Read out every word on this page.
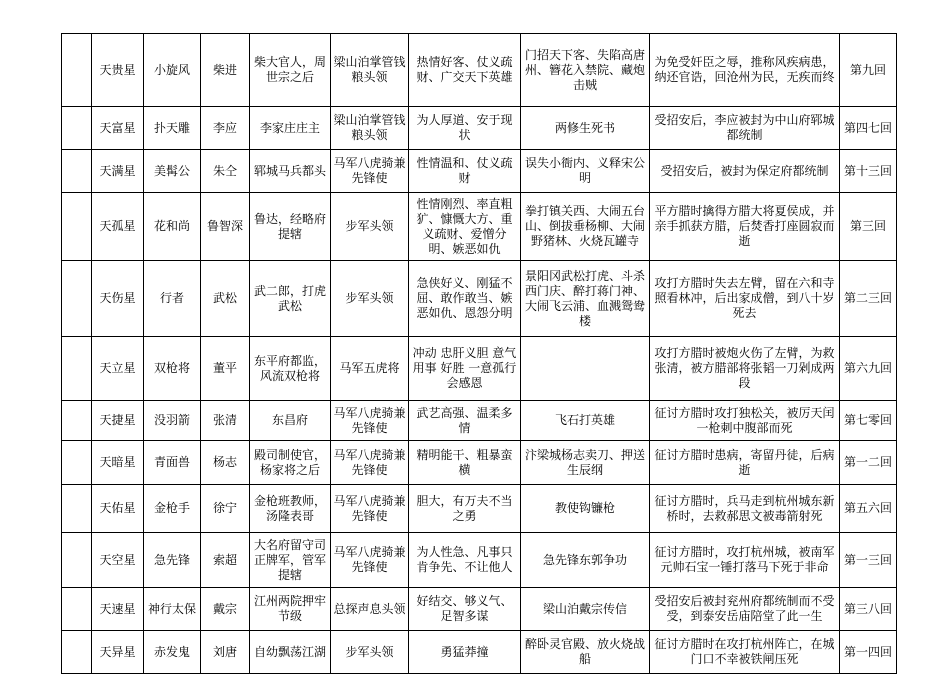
	天贵星	小旋风	柴进	柴大官人，周世宗之后	梁山泊掌管钱粮头领	热情好客、仗义疏财、广交天下英雄	门招天下客、失陷高唐州、簪花入禁院、藏炮击贼	为免受奸臣之辱，推称风疾病患，纳还官诰，回沧州为民，无疾而终	第九回
	天富星	扑天雕	李应	李家庄庄主	梁山泊掌管钱粮头领	为人厚道、安于现状	两修生死书	受招安后，李应被封为中山府郓城都统制	第四七回
	天满星	美髯公	朱仝	郓城马兵都头	马军八虎骑兼先锋使	性情温和、仗义疏财	误失小衙内、义释宋公明	受招安后，被封为保定府都统制	第十三回
	天孤星	花和尚	鲁智深	鲁达，经略府提辖	步军头领	性情刚烈、率直粗犷、慷慨大方、重义疏财、爱憎分明、嫉恶如仇	拳打镇关西、大闹五台山、倒拔垂杨柳、大闹野猪林、火烧瓦罐寺	平方腊时擒得方腊大将夏侯成，并亲手抓获方腊，后焚香打座圆寂而逝	第三回
	天伤星	行者	武松	武二郎，打虎武松	步军头领	急侠好义、刚猛不屈、敢作敢当、嫉恶如仇、恩怨分明	景阳冈武松打虎、斗杀西门庆、醉打蒋门神、大闹飞云浦、血溅鸳鸯楼	攻打方腊时失去左臂，留在六和寺照看林冲，后出家成僧，到八十岁死去	第二三回
	天立星	双枪将	董平	东平府都监，风流双枪将	马军五虎将	冲动 忠肝义胆 意气用事 好胜 一意孤行 会感恩		攻打方腊时被炮火伤了左臂，为救张清，被方腊部将张韬一刀剁成两段	第六九回
	天捷星	没羽箭	张清	东昌府	马军八虎骑兼先锋使	武艺高强、温柔多情	飞石打英雄	征讨方腊时攻打独松关，被厉天闰一枪刺中腹部而死	第七零回
	天暗星	青面兽	杨志	殿司制使官，杨家将之后	马军八虎骑兼先锋使	精明能干、粗暴蛮横	汴梁城杨志卖刀、押送生辰纲	征讨方腊时患病，寄留丹徒，后病逝	第一二回
	天佑星	金枪手	徐宁	金枪班教师，汤隆表哥	马军八虎骑兼先锋使	胆大，有万夫不当之勇	教使钩镰枪	征讨方腊时，兵马走到杭州城东新桥时，去救郝思文被毒箭射死	第五六回
	天空星	急先锋	索超	大名府留守司正牌军，管军提辖	马军八虎骑兼先锋使	为人性急、凡事只肯争先、不让他人	急先锋东郭争功	征讨方腊时，攻打杭州城，被南军元帅石宝一锤打落马下死于非命	第一三回
	天速星	神行太保	戴宗	江州两院押牢节级	总探声息头领	好结交、够义气、足智多谋	梁山泊戴宗传信	受招安后被封兖州府都统制而不受受，到泰安岳庙陪堂了此一生	第三八回
	天异星	赤发鬼	刘唐	自幼飘荡江湖	步军头领	勇猛莽撞	醉卧灵官殿、放火烧战船	征讨方腊时在攻打杭州阵亡，在城门口不幸被铁闸压死	第一四回
